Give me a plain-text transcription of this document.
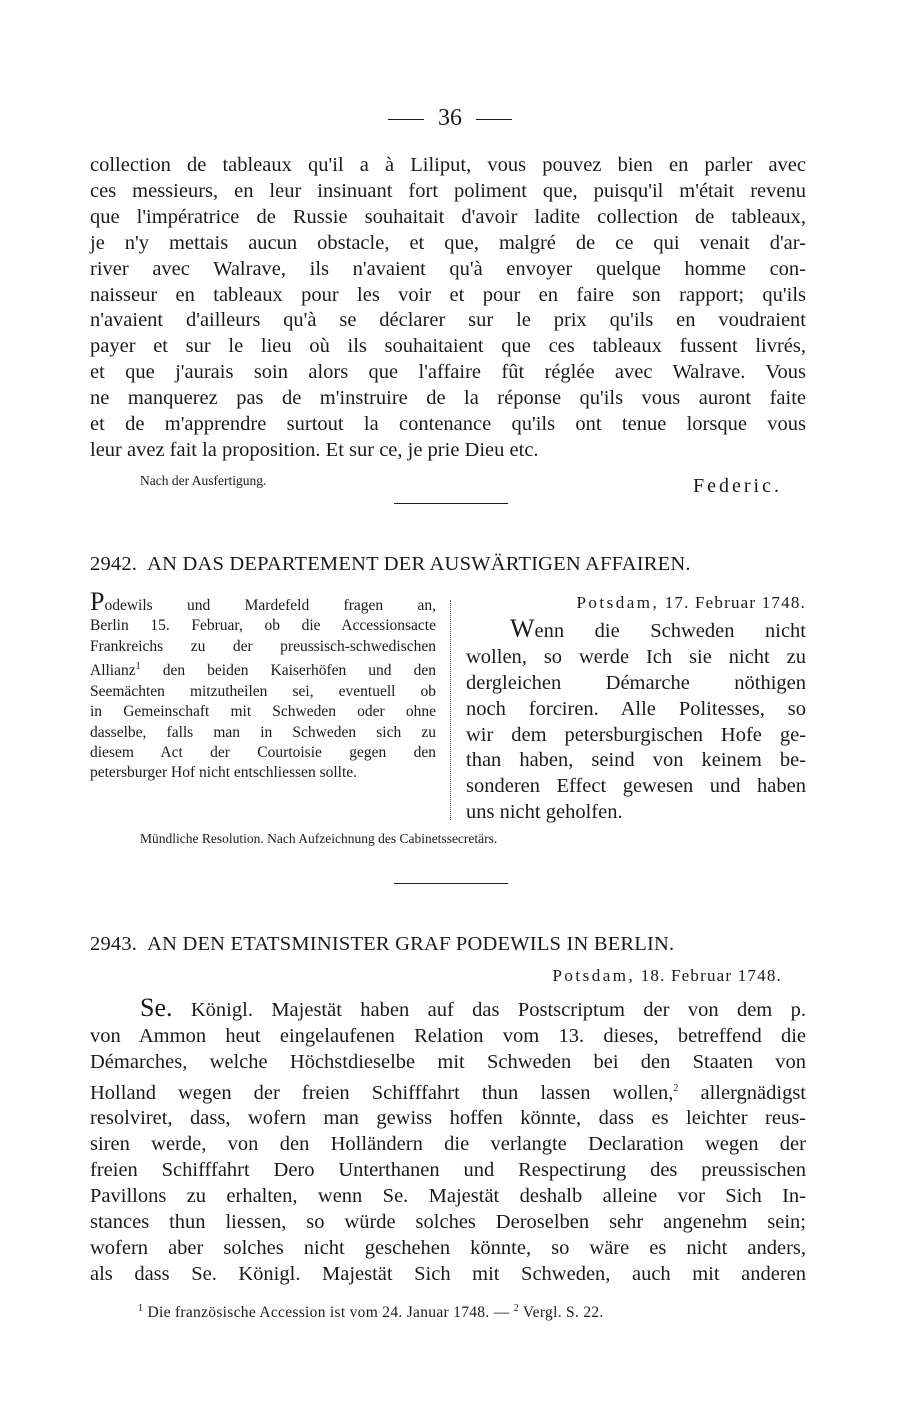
36
collection de tableaux qu'il a à Liliput, vous pouvez bien en parler avec
ces messieurs, en leur insinuant fort poliment que, puisqu'il m'était revenu
que l'impératrice de Russie souhaitait d'avoir ladite collection de tableaux,
je n'y mettais aucun obstacle, et que, malgré de ce qui venait d'ar-
river avec Walrave, ils n'avaient qu'à envoyer quelque homme con-
naisseur en tableaux pour les voir et pour en faire son rapport; qu'ils
n'avaient d'ailleurs qu'à se déclarer sur le prix qu'ils en voudraient
payer et sur le lieu où ils souhaitaient que ces tableaux fussent livrés,
et que j'aurais soin alors que l'affaire fût réglée avec Walrave. Vous
ne manquerez pas de m'instruire de la réponse qu'ils vous auront faite
et de m'apprendre surtout la contenance qu'ils ont tenue lorsque vous
leur avez fait la proposition. Et sur ce, je prie Dieu etc.
Nach der Ausfertigung.	Federic.
2942. AN DAS DEPARTEMENT DER AUSWÄRTIGEN AFFAIREN.
Podewils und Mardefeld fragen an,
Berlin 15. Februar, ob die Accessionsacte
Frankreichs zu der preussisch-schwedischen
Allianz$^1$ den beiden Kaiserhöfen und den
Seemächten mitzutheilen sei, eventuell ob
in Gemeinschaft mit Schweden oder ohne
dasselbe, falls man in Schweden sich zu
diesem Act der Courtoisie gegen den
petersburger Hof nicht entschliessen sollte.
Potsdam, 17. Februar 1748.
Wenn die Schweden nicht
wollen, so werde Ich sie nicht zu
dergleichen Démarche nöthigen
noch forciren. Alle Politesses, so
wir dem petersburgischen Hofe ge-
than haben, seind von keinem be-
sonderen Effect gewesen und haben
uns nicht geholfen.
Mündliche Resolution. Nach Aufzeichnung des Cabinetssecretärs.
2943. AN DEN ETATSMINISTER GRAF PODEWILS IN BERLIN.
Potsdam, 18. Februar 1748.
Se. Königl. Majestät haben auf das Postscriptum der von dem p.
von Ammon heut eingelaufenen Relation vom 13. dieses, betreffend die
Démarches, welche Höchstdieselbe mit Schweden bei den Staaten von
Holland wegen der freien Schifffahrt thun lassen wollen,$^2$ allergnädigst
resolviret, dass, wofern man gewiss hoffen könnte, dass es leichter reus-
siren werde, von den Holländern die verlangte Declaration wegen der
freien Schifffahrt Dero Unterthanen und Respectirung des preussischen
Pavillons zu erhalten, wenn Se. Majestät deshalb alleine vor Sich In-
stances thun liessen, so würde solches Deroselben sehr angenehm sein;
wofern aber solches nicht geschehen könnte, so wäre es nicht anders,
als dass Se. Königl. Majestät Sich mit Schweden, auch mit anderen
$^1$ Die französische Accession ist vom 24. Januar 1748. — $^2$ Vergl. S. 22.
